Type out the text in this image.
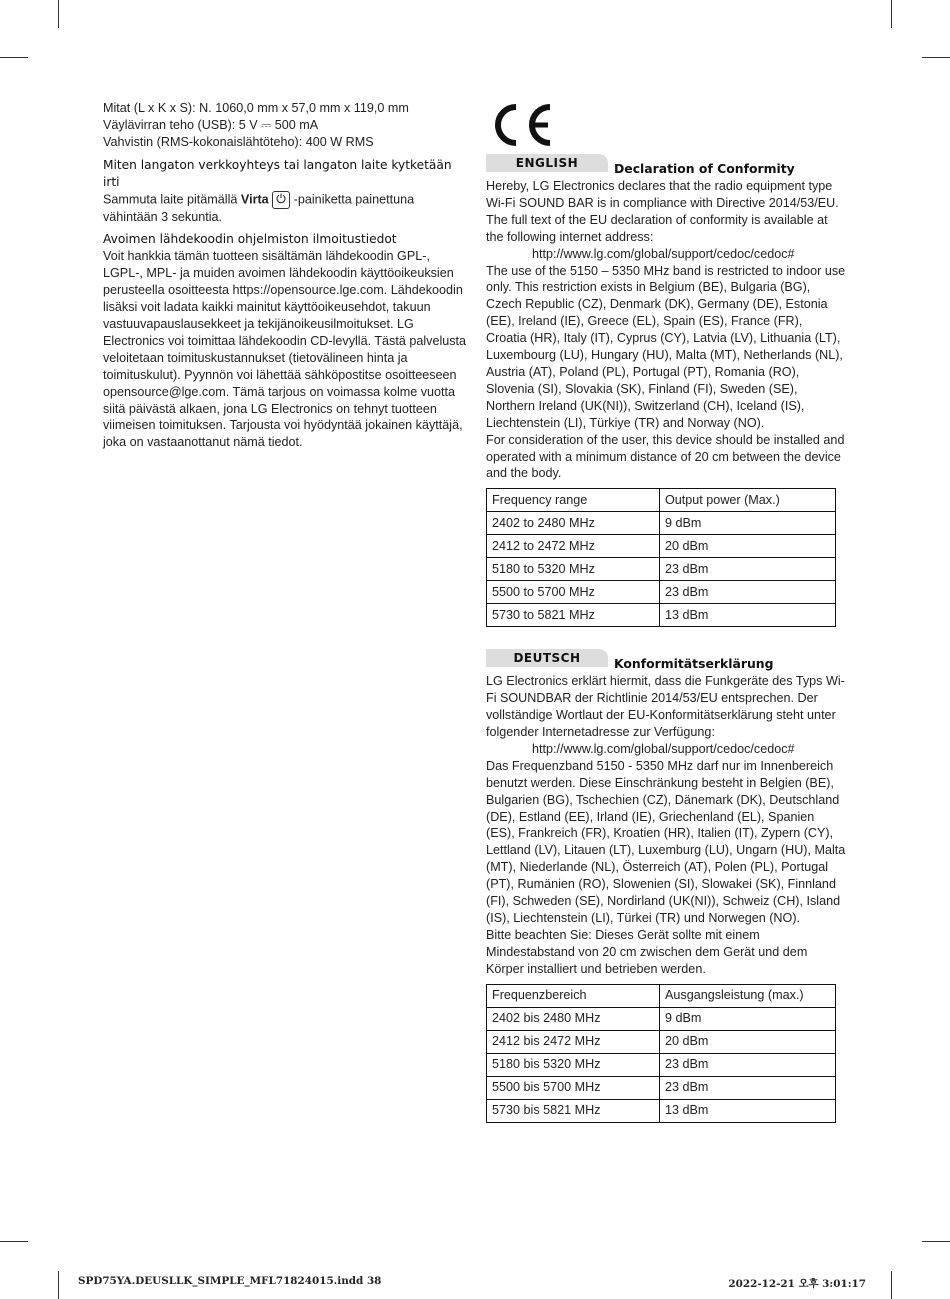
Mitat (L x K x S): N. 1060,0 mm x 57,0 mm x 119,0 mm

Väylävirran teho (USB): 5 V ⎓ 500 mA

Vahvistin (RMS-kokonaislähtöteho): 400 W RMS

Miten langaton verkkoyhteys tai langaton laite kytketään irti

Sammuta laite pitämällä Virta  -painiketta painettuna vähintään 3 sekuntia.

Avoimen lähdekoodin ohjelmiston ilmoitustiedot

Voit hankkia tämän tuotteen sisältämän lähdekoodin GPL-, LGPL-, MPL- ja muiden avoimen lähdekoodin käyttöoikeuksien perusteella osoitteesta https://opensource.lge.com. Lähdekoodin lisäksi voit ladata kaikki mainitut käyttöoikeusehdot, takuun vastuuvapauslausekkeet ja tekijänoikeusilmoitukset. LG Electronics voi toimittaa lähdekoodin CD-levyllä. Tästä palvelusta veloitetaan toimituskustannukset (tietovälineen hinta ja toimituskulut). Pyynnön voi lähettää sähköpostitse osoitteeseen opensource@lge.com. Tämä tarjous on voimassa kolme vuotta siitä päivästä alkaen, jona LG Electronics on tehnyt tuotteen viimeisen toimituksen. Tarjousta voi hyödyntää jokainen käyttäjä, joka on vastaanottanut nämä tiedot.

ENGLISH	Declaration of Conformity

Hereby, LG Electronics declares that the radio equipment type Wi-Fi SOUND BAR is in compliance with Directive 2014/53/EU. The full text of the EU declaration of conformity is available at the following internet address:

http://www.lg.com/global/support/cedoc/cedoc#

The use of the 5150 – 5350 MHz band is restricted to indoor use only. This restriction exists in Belgium (BE), Bulgaria (BG), Czech Republic (CZ), Denmark (DK), Germany (DE), Estonia (EE), Ireland (IE), Greece (EL), Spain (ES), France (FR), Croatia (HR), Italy (IT), Cyprus (CY), Latvia (LV), Lithuania (LT), Luxembourg (LU), Hungary (HU), Malta (MT), Netherlands (NL), Austria (AT), Poland (PL), Portugal (PT), Romania (RO), Slovenia (SI), Slovakia (SK), Finland (FI), Sweden (SE), Northern Ireland (UK(NI)), Switzerland (CH), Iceland (IS), Liechtenstein (LI), Türkiye (TR) and Norway (NO).

For consideration of the user, this device should be installed and operated with a minimum distance of 20 cm between the device and the body.

Frequency range	Output power (Max.)
2402 to 2480 MHz	9 dBm
2412 to 2472 MHz	20 dBm
5180 to 5320 MHz	23 dBm
5500 to 5700 MHz	23 dBm
5730 to 5821 MHz	13 dBm
DEUTSCH	Konformitätserklärung

LG Electronics erklärt hiermit, dass die Funkgeräte des Typs Wi-Fi SOUNDBAR der Richtlinie 2014/53/EU entsprechen. Der vollständige Wortlaut der EU-Konformitätserklärung steht unter folgender Internetadresse zur Verfügung:

http://www.lg.com/global/support/cedoc/cedoc#

Das Frequenzband 5150 - 5350 MHz darf nur im Innenbereich benutzt werden. Diese Einschränkung besteht in Belgien (BE), Bulgarien (BG), Tschechien (CZ), Dänemark (DK), Deutschland (DE), Estland (EE), Irland (IE), Griechenland (EL), Spanien (ES), Frankreich (FR), Kroatien (HR), Italien (IT), Zypern (CY), Lettland (LV), Litauen (LT), Luxemburg (LU), Ungarn (HU), Malta (MT), Niederlande (NL), Österreich (AT), Polen (PL), Portugal (PT), Rumänien (RO), Slowenien (SI), Slowakei (SK), Finnland (FI), Schweden (SE), Nordirland (UK(NI)), Schweiz (CH), Island (IS), Liechtenstein (LI), Türkei (TR) und Norwegen (NO).

Bitte beachten Sie: Dieses Gerät sollte mit einem Mindestabstand von 20 cm zwischen dem Gerät und dem Körper installiert und betrieben werden.

Frequenzbereich	Ausgangsleistung (max.)
2402 bis 2480 MHz	9 dBm
2412 bis 2472 MHz	20 dBm
5180 bis 5320 MHz	23 dBm
5500 bis 5700 MHz	23 dBm
5730 bis 5821 MHz	13 dBm
SPD75YA.DEUSLLK_SIMPLE_MFL71824015.indd 38	2022-12-21 오후 3:01:17
